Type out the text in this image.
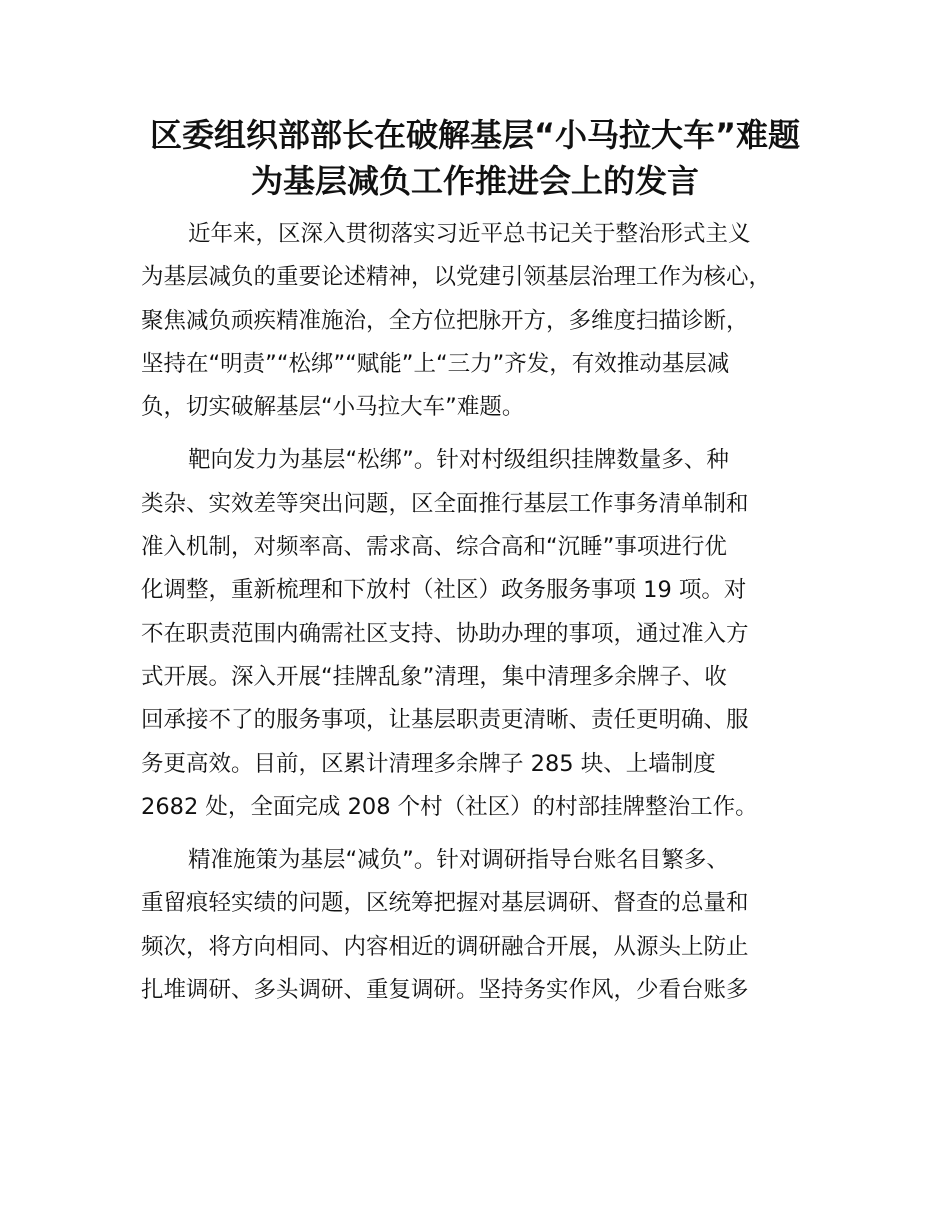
区委组织部部长在破解基层“小马拉大车”难题
为基层减负工作推进会上的发言

近年来，区深入贯彻落实习近平总书记关于整治形式主义
为基层减负的重要论述精神，以党建引领基层治理工作为核心，
聚焦减负顽疾精准施治，全方位把脉开方，多维度扫描诊断，
坚持在“明责”“松绑”“赋能”上“三力”齐发，有效推动基层减
负，切实破解基层“小马拉大车”难题。

靶向发力为基层“松绑”。针对村级组织挂牌数量多、种
类杂、实效差等突出问题，区全面推行基层工作事务清单制和
准入机制，对频率高、需求高、综合高和“沉睡”事项进行优
化调整，重新梳理和下放村（社区）政务服务事项 19 项。对
不在职责范围内确需社区支持、协助办理的事项，通过准入方
式开展。深入开展“挂牌乱象”清理，集中清理多余牌子、收
回承接不了的服务事项，让基层职责更清晰、责任更明确、服
务更高效。目前，区累计清理多余牌子 285 块、上墙制度
2682 处，全面完成 208 个村（社区）的村部挂牌整治工作。

精准施策为基层“减负”。针对调研指导台账名目繁多、
重留痕轻实绩的问题，区统筹把握对基层调研、督查的总量和
频次，将方向相同、内容相近的调研融合开展，从源头上防止
扎堆调研、多头调研、重复调研。坚持务实作风，少看台账多
